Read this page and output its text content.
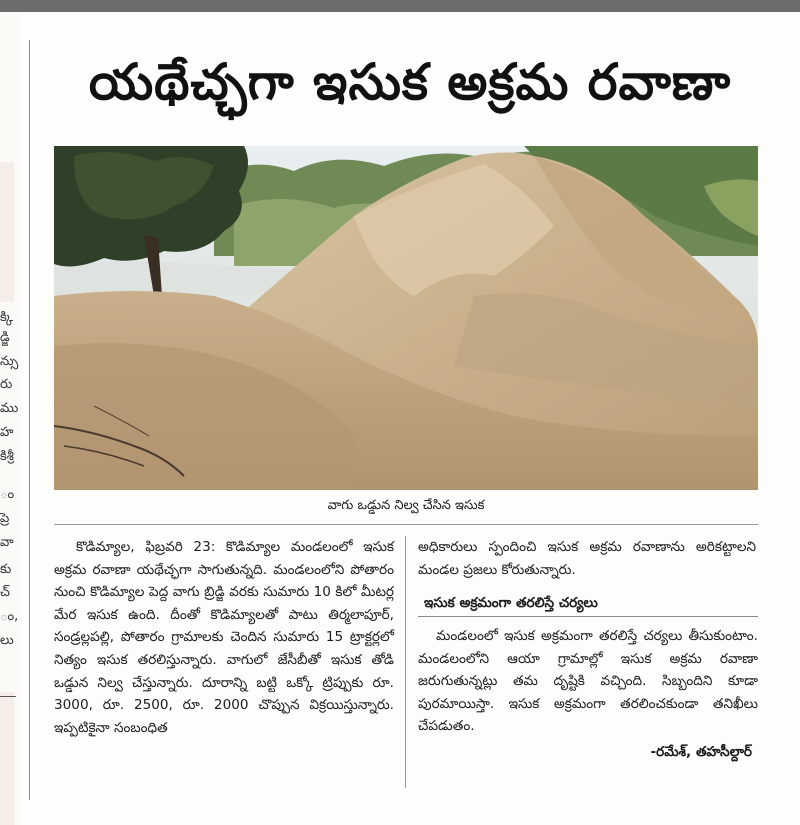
క్కి
డ్జి
న్సు
రు
ము
హ
కిశ్రీ
ం
ప్రె
వా
కు
చ్
ం,
లు
యథేచ్ఛగా ఇసుక అక్రమ రవాణా
వాగు ఒడ్డున నిల్వ చేసిన ఇసుక

కొడిమ్యాల, ఫిబ్రవరి 23: కొడిమ్యాల మండలంలో ఇసుక అక్రమ రవాణా యథేచ్ఛగా సాగుతున్నది. మండలంలోని పోతారం నుంచి కొడిమ్యాల పెద్ద వాగు బ్రిడ్జి వరకు సుమారు 10 కిలో మీటర్ల మేర ఇసుక ఉంది. దీంతో కొడిమ్యాలతో పాటు తిర్మలాపూర్, సండ్రల్లపల్లి, పోతారం గ్రామాలకు చెందిన సుమారు 15 ట్రాక్టర్లలో నిత్యం ఇసుక తరలిస్తున్నారు. వాగులో జేసీబీతో ఇసుక తోడి ఒడ్డున నిల్వ చేస్తున్నారు. దూరాన్ని బట్టి ఒక్కో ట్రిప్పుకు రూ. 3000, రూ. 2500, రూ. 2000 చొప్పున విక్రయిస్తున్నారు. ఇప్పటికైనా సంబంధిత

అధికారులు స్పందించి ఇసుక అక్రమ రవాణాను అరికట్టాలని మండల ప్రజలు కోరుతున్నారు.

ఇసుక అక్రమంగా తరలిస్తే చర్యలు

మండలంలో ఇసుక అక్రమంగా తరలిస్తే చర్యలు తీసుకుంటాం. మండలంలోని ఆయా గ్రామాల్లో ఇసుక అక్రమ రవాణా జరుగుతున్నట్లు తమ దృష్టికి వచ్చింది. సిబ్బందిని కూడా పురమాయిస్తా. ఇసుక అక్రమంగా తరలించకుండా తనిఖీలు చేపడుతం.

-రమేశ్, తహసీల్దార్
